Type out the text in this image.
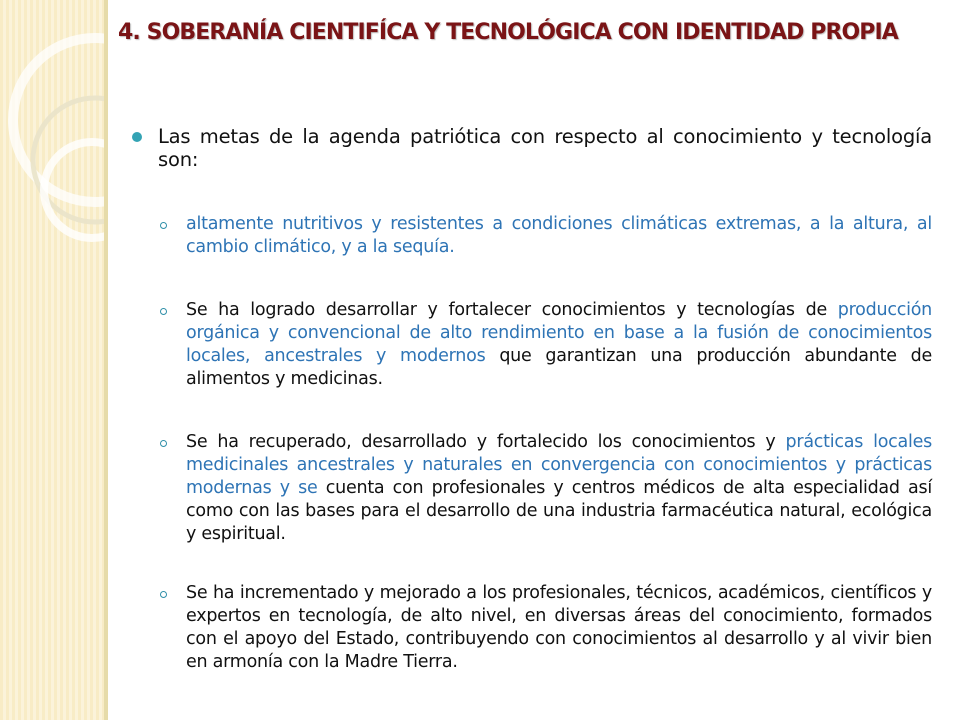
4. SOBERANÍA CIENTIFÍCA Y TECNOLÓGICA CON IDENTIDAD PROPIA
Las metas de la agenda patriótica con respecto al conocimiento y tecnología son:
altamente nutritivos y resistentes a condiciones climáticas extremas, a la altura, al cambio climático, y a la sequía.
Se ha logrado desarrollar y fortalecer conocimientos y tecnologías de producción orgánica y convencional de alto rendimiento en base a la fusión de conocimientos locales, ancestrales y modernos que garantizan una producción abundante de alimentos y medicinas.
Se ha recuperado, desarrollado y fortalecido los conocimientos y prácticas locales medicinales ancestrales y naturales en convergencia con conocimientos y prácticas modernas y se cuenta con profesionales y centros médicos de alta especialidad así como con las bases para el desarrollo de una industria farmacéutica natural, ecológica y espiritual.
Se ha incrementado y mejorado a los profesionales, técnicos, académicos, científicos y expertos en tecnología, de alto nivel, en diversas áreas del conocimiento, formados con el apoyo del Estado, contribuyendo con conocimientos al desarrollo y al vivir bien en armonía con la Madre Tierra.
